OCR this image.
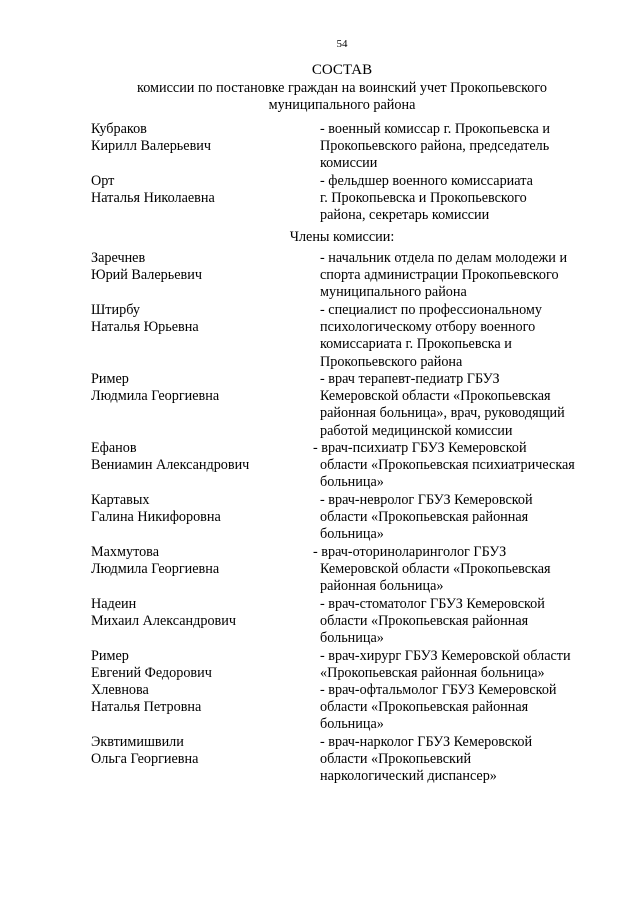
54
СОСТАВ
комиссии по постановке граждан на воинский учет Прокопьевского
муниципального района
Кубраков
Кирилл Валерьевич
- военный комиссар г. Прокопьевска и
Прокопьевского района, председатель
комиссии
Орт
Наталья Николаевна
- фельдшер военного комиссариата
г. Прокопьевска и Прокопьевского
района, секретарь комиссии
Члены комиссии:
Заречнев
Юрий Валерьевич
- начальник отдела по делам молодежи и
спорта администрации Прокопьевского
муниципального района
Штирбу
Наталья Юрьевна
- специалист по профессиональному
психологическому отбору военного
комиссариата г. Прокопьевска и
Прокопьевского района
Ример
Людмила Георгиевна
- врач терапевт-педиатр ГБУЗ
Кемеровской области «Прокопьевская
районная больница», врач, руководящий
работой медицинской комиссии
Ефанов
Вениамин Александрович
- врач-психиатр ГБУЗ Кемеровской
области «Прокопьевская психиатрическая
больница»
Картавых
Галина Никифоровна
- врач-невролог ГБУЗ Кемеровской
области «Прокопьевская районная
больница»
Махмутова
Людмила Георгиевна
- врач-оториноларинголог ГБУЗ
Кемеровской области «Прокопьевская
районная больница»
Надеин
Михаил Александрович
- врач-стоматолог ГБУЗ Кемеровской
области «Прокопьевская районная
больница»
Ример
Евгений Федорович
- врач-хирург ГБУЗ Кемеровской области
«Прокопьевская районная больница»
Хлевнова
Наталья Петровна
- врач-офтальмолог ГБУЗ Кемеровской
области «Прокопьевская районная
больница»
Эквтимишвили
Ольга Георгиевна
- врач-нарколог ГБУЗ Кемеровской
области «Прокопьевский
наркологический диспансер»
